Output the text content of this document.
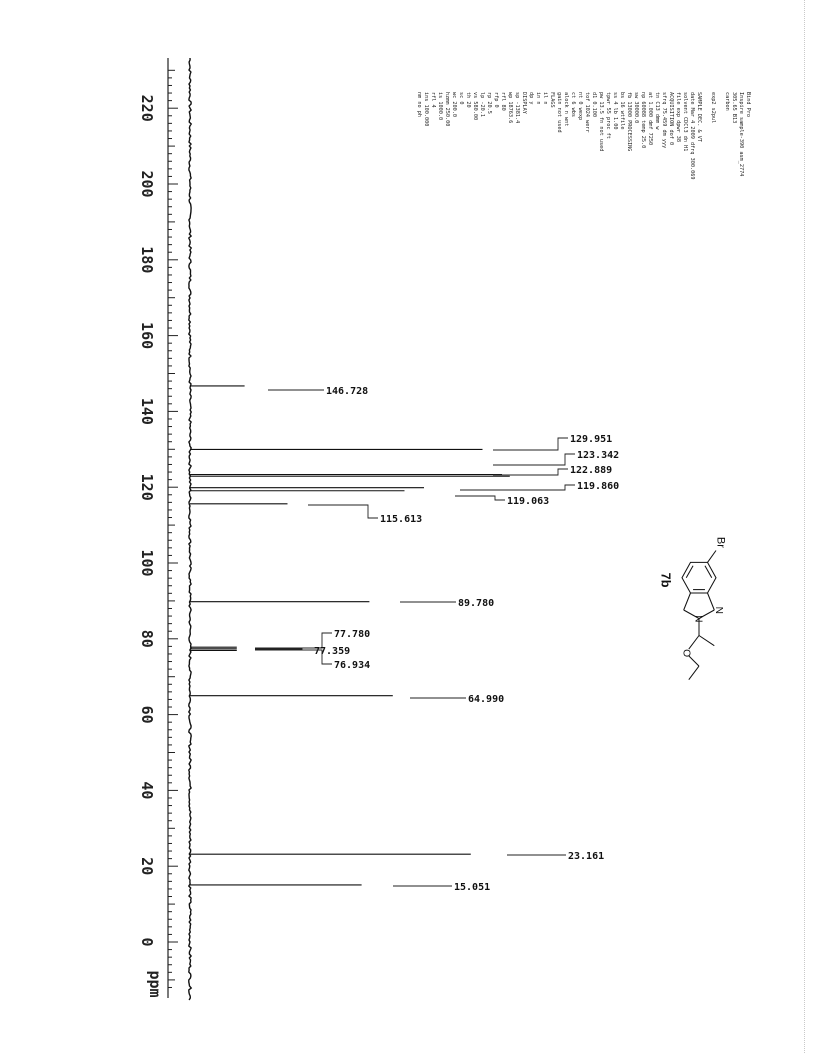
220
200
180
160
140
120
100
80
60
40
20
0
ppm
146.728
129.951
123.342
122.889
119.860
119.063
115.613
89.780
77.780
77.359
76.934
64.990
23.161
15.051
Bind Pro
Inspire sample-390 asm_2774
305.65 B13
carbon
exp2 s2pul
SAMPLE DEC. & VT
date Mar 4 2009 dfrq 300.069
solvent CDCl3 dn H1
file exp dpwr 38
ACQUISITION dof 0
sfrq 75.459 dm yyy
tn C13 dmm w
at 1.000 dmf 7250
np 60088 temp 25.0
sw 30000.0
fb 13000 PROCESSING
bs 16 wtfile
ss 4 lb 1.00
tpwr 55 proc ft
pw 13.5 fn not used
d1 0.100
tof 1024 werr
nt 0 wexp
ct 6 wbs
alock n wnt
gain not used
FLAGS
il n
in n
dp y
DISPLAY
sp -1381.4
wp 18763.6
rfl 80
rfp 0
rp 20.5
lp -20.1
vs 580.00
th 20
sc 0
wc 200.0
hzmm 250.00
is 1000.0
rfl 4
ins 100.000
nm no ph
Br
N
N
O
7b
